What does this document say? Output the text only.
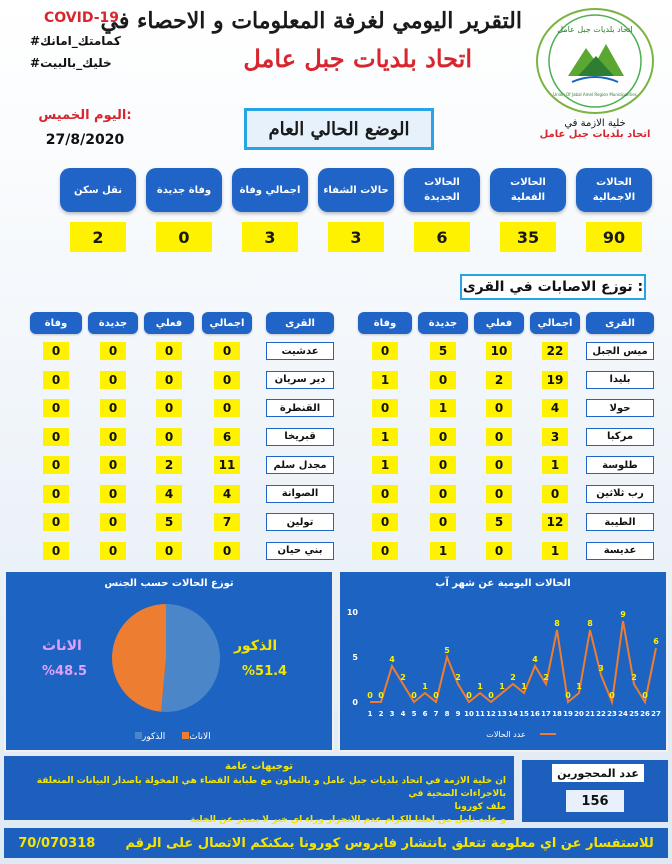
COVID-19
#كمامتك_امانك
#خليك_بالبيت
التقرير اليومي لغرفة المعلومات و الاحصاء في
اتحاد بلديات جبل عامل
اتحاد بلديات جبل عامل
Union Of Jabal Amel Region Municipalities
خلية الازمة في
اتحاد بلديات جبل عامل
اليوم الخميس:
27/8/2020
الوضع الحالي العام
الحالات الاجمالية
90
الحالات الفعلية
35
الحالات الجديدة
6
حالات الشفاء
3
اجمالي وفاة
3
وفاة جديدة
0
نقل سكن
2
توزع الاصابات في القرى :
القرى
اجمالي
فعلي
جديدة
وفاة
ميس الجبل
22
10
5
0
بليدا
19
2
0
1
حولا
4
0
1
0
مركبا
3
0
0
1
طلوسة
1
0
0
1
رب ثلاثين
0
0
0
0
الطيبة
12
5
0
0
عديسة
1
0
1
0
القرى
اجمالي
فعلي
جديدة
وفاة
عدشيت
0
0
0
0
دير سريان
0
0
0
0
القنطرة
0
0
0
0
قبريخا
6
0
0
0
مجدل سلم
11
2
0
0
الصوانة
4
4
0
0
تولين
7
5
0
0
بني حيان
0
0
0
0
توزع الحالات حسب الجنس
الذكور
%51.4
الاناث
%48.5
الذكور	الاناث
الحالات اليومية عن شهر آب
10
5
0
0
1
0
2
4
3
2
4
0
5
1
6
0
7
5
8
2
9
0
10
1
11
0
12
1
13
2
14
1
15
4
16
2
17
8
18
0
19
1
20
8
21
3
22
0
23
9
24
2
25
0
26
6
27
عدد الحالات
توجيهات عامة
ان خلية الازمة في اتحاد بلديات جبل عامل و بالتعاون مع طبابة القضاء هي المخولة باصدار البيانات المتعلقة بالاجراءات الصحية في
ملف كورونا
و عليه نامل من اهلنا الكرام عدم الانجرار وراء اي خبر لا يصدر عن الخلية
عدد المحجورين
156
70/070318 للاستفسار عن اي معلومة تتعلق بانتشار فايروس كورونا يمكنكم الاتصال على الرقم
